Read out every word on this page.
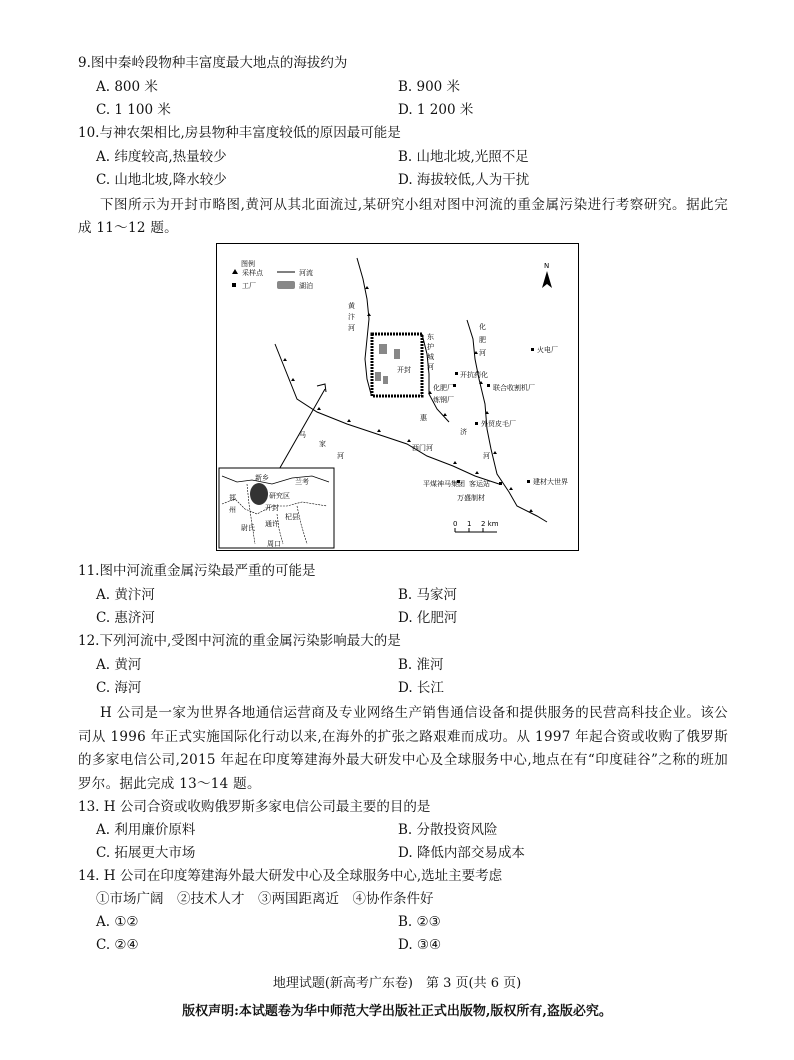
9.图中秦岭段物种丰富度最大地点的海拔约为
A. 800 米	B. 900 米
C. 1 100 米	D. 1 200 米
10.与神农架相比,房县物种丰富度较低的原因最可能是
A. 纬度较高,热量较少	B. 山地北坡,光照不足
C. 山地北坡,降水较少	D. 海拔较低,人为干扰
下图所示为开封市略图,黄河从其北面流过,某研究小组对图中河流的重金属污染进行考察研究。据此完成 11～12 题。
图例
采样点	河流
工厂	湖泊
N
黄
汴
河
开封
东
护
城
河
化
肥
河
马
家
河
惠
济
河
西门河
火电厂
开抗药化
化肥厂
炼钢厂
联合收割机厂
外贸皮毛厂
平煤神马集团 客运站
万盛制材
建材大世界
0 1 2 km
新乡	兰考
郑
州
研究区
开封
杞县
尉氏 通许
周口
11.图中河流重金属污染最严重的可能是
A. 黄汴河	B. 马家河
C. 惠济河	D. 化肥河
12.下列河流中,受图中河流的重金属污染影响最大的是
A. 黄河	B. 淮河
C. 海河	D. 长江
H 公司是一家为世界各地通信运营商及专业网络生产销售通信设备和提供服务的民营高科技企业。该公司从 1996 年正式实施国际化行动以来,在海外的扩张之路艰难而成功。从 1997 年起合资或收购了俄罗斯的多家电信公司,2015 年起在印度筹建海外最大研发中心及全球服务中心,地点在有“印度硅谷”之称的班加罗尔。据此完成 13～14 题。
13. H 公司合资或收购俄罗斯多家电信公司最主要的目的是
A. 利用廉价原料	B. 分散投资风险
C. 拓展更大市场	D. 降低内部交易成本
14. H 公司在印度筹建海外最大研发中心及全球服务中心,选址主要考虑
①市场广阔　②技术人才　③两国距离近　④协作条件好
A. ①②	B. ②③
C. ②④	D. ③④
地理试题(新高考广东卷)　第 3 页(共 6 页)
版权声明:本试题卷为华中师范大学出版社正式出版物,版权所有,盗版必究。
